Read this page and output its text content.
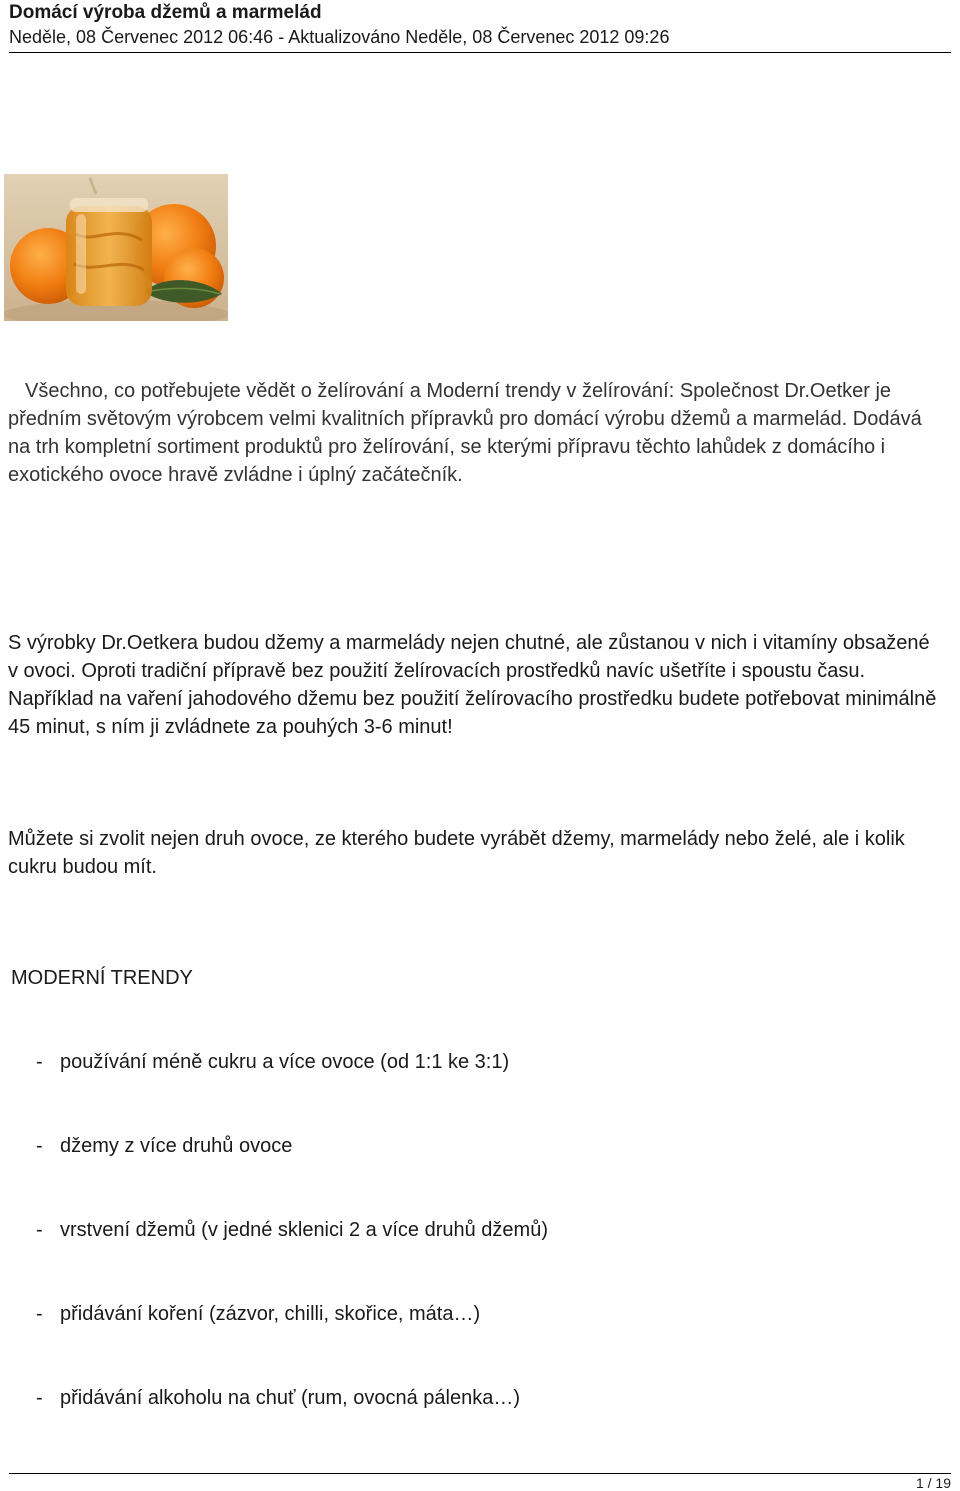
Domácí výroba džemů a marmelád
Neděle, 08 Červenec 2012 06:46 - Aktualizováno Neděle, 08 Červenec 2012 09:26

Všechno, co potřebujete vědět o želírování a Moderní trendy v želírování: Společnost Dr.Oetker je předním světovým výrobcem velmi kvalitních přípravků pro domácí výrobu džemů a marmelád. Dodává na trh kompletní sortiment produktů pro želírování, se kterými přípravu těchto lahůdek z domácího i exotického ovoce hravě zvládne i úplný začátečník.

S výrobky Dr.Oetkera budou džemy a marmelády nejen chutné, ale zůstanou v nich i vitamíny obsažené v ovoci. Oproti tradiční přípravě bez použití želírovacích prostředků navíc ušetříte i spoustu času. Například na vaření jahodového džemu bez použití želírovacího prostředku budete potřebovat minimálně 45 minut, s ním ji zvládnete za pouhých 3-6 minut!

Můžete si zvolit nejen druh ovoce, ze kterého budete vyrábět džemy, marmelády nebo želé, ale i kolik cukru budou mít.

MODERNÍ TRENDY
- používání méně cukru a více ovoce (od 1:1 ke 3:1)
- džemy z více druhů ovoce
- vrstvení džemů (v jedné sklenici 2 a více druhů džemů)
- přidávání koření (zázvor, chilli, skořice, máta…)
- přidávání alkoholu na chuť (rum, ovocná pálenka…)
1 / 19
